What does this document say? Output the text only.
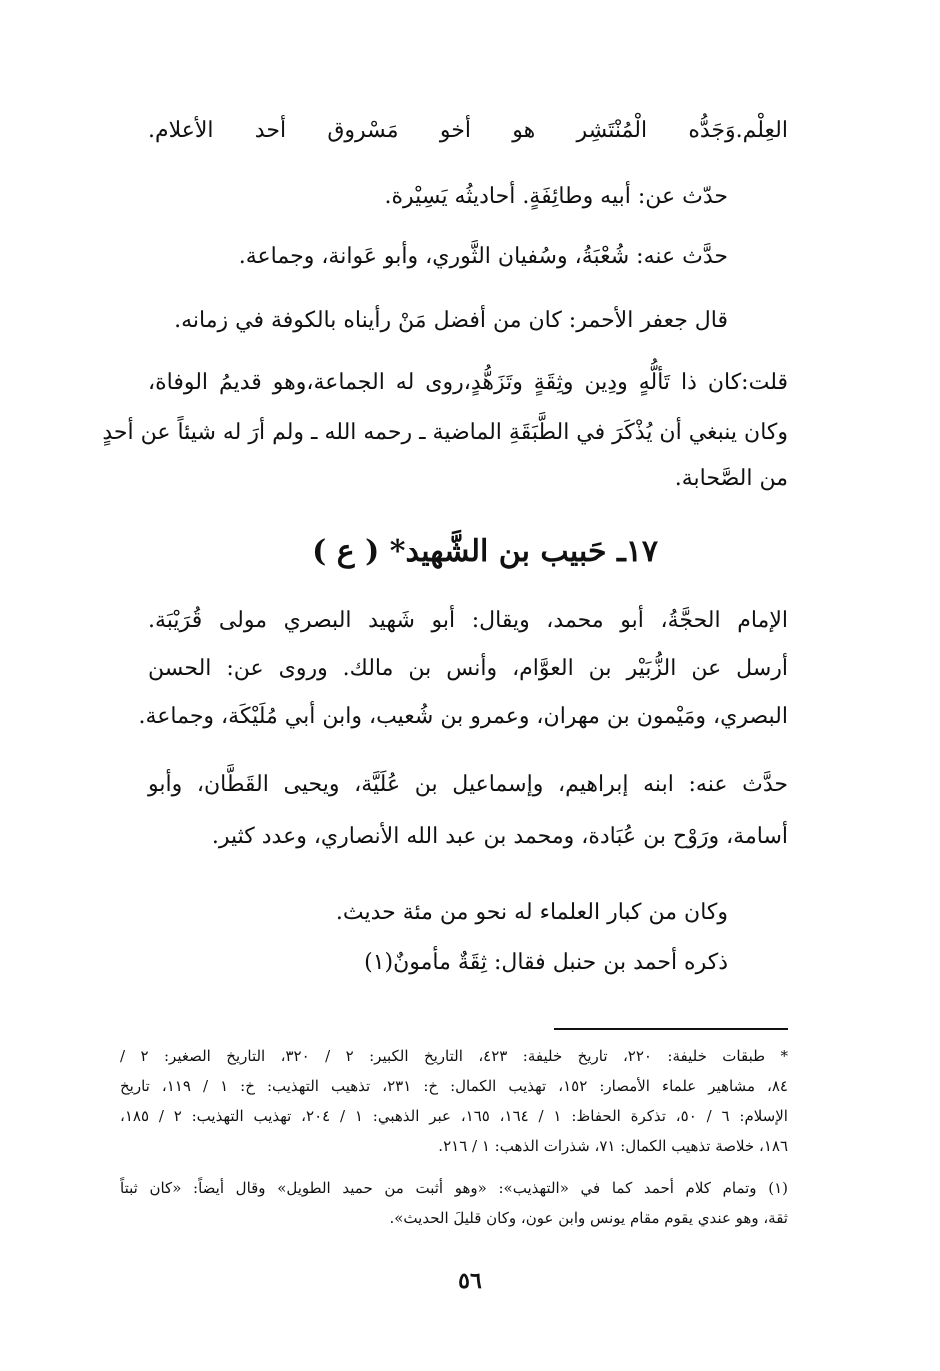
العِلْم.وَجَدُّه الْمُنْتَشِر هو أخو مَسْروق أحد الأعلام.
حدّث عن: أبيه وطائِفَةٍ. أحاديثُه يَسِيْرة.
حدَّث عنه: شُعْبَةُ، وسُفيان الثَّوري، وأبو عَوانة، وجماعة.
قال جعفر الأحمر: كان من أفضل مَنْ رأيناه بالكوفة في زمانه.
قلت:كان ذا تَألُّهٍ ودِين وثِقَةٍ وتَزَهُّدٍ،روى له الجماعة،وهو قديمُ الوفاة،
وكان ينبغي أن يُذْكَرَ في الطَّبَقَةِ الماضية ـ رحمه الله ـ ولم أرَ له شيئاً عن أحدٍ
من الصَّحابة.
١٧ـ حَبيب بن الشَّهيد* ( ع )
الإمام الحجَّةُ، أبو محمد، ويقال: أبو شَهيد البصري مولى قُرَيْبَة.
أرسل عن الزُّبَيْر بن العوَّام، وأنس بن مالك. وروى عن: الحسن
البصري، ومَيْمون بن مهران، وعمرو بن شُعيب، وابن أبي مُلَيْكَة، وجماعة.
حدَّث عنه: ابنه إبراهيم، وإسماعيل بن عُلَيَّة، ويحيى القَطَّان، وأبو
أسامة، ورَوْح بن عُبَادة، ومحمد بن عبد الله الأنصاري، وعدد كثير.
وكان من كبار العلماء له نحو من مئة حديث.
ذكره أحمد بن حنبل فقال: ثِقَةٌ مأمونٌ(١)
* طبقات خليفة: ٢٢٠، تاريخ خليفة: ٤٢٣، التاريخ الكبير: ٢ / ٣٢٠، التاريخ الصغير: ٢ /
٨٤، مشاهير علماء الأمصار: ١٥٢، تهذيب الكمال: خ: ٢٣١، تذهيب التهذيب: خ: ١ / ١١٩، تاريخ
الإسلام: ٦ / ٥٠، تذكرة الحفاظ: ١ / ١٦٤، ١٦٥، عبر الذهبي: ١ / ٢٠٤، تهذيب التهذيب: ٢ / ١٨٥،
١٨٦، خلاصة تذهيب الكمال: ٧١، شذرات الذهب: ١ / ٢١٦.
(١) وتمام كلام أحمد كما في «التهذيب»: «وهو أثبت من حميد الطويل» وقال أيضاً: «كان ثبتاً
ثقة، وهو عندي يقوم مقام يونس وابن عون، وكان قليلَ الحديث».
٥٦
